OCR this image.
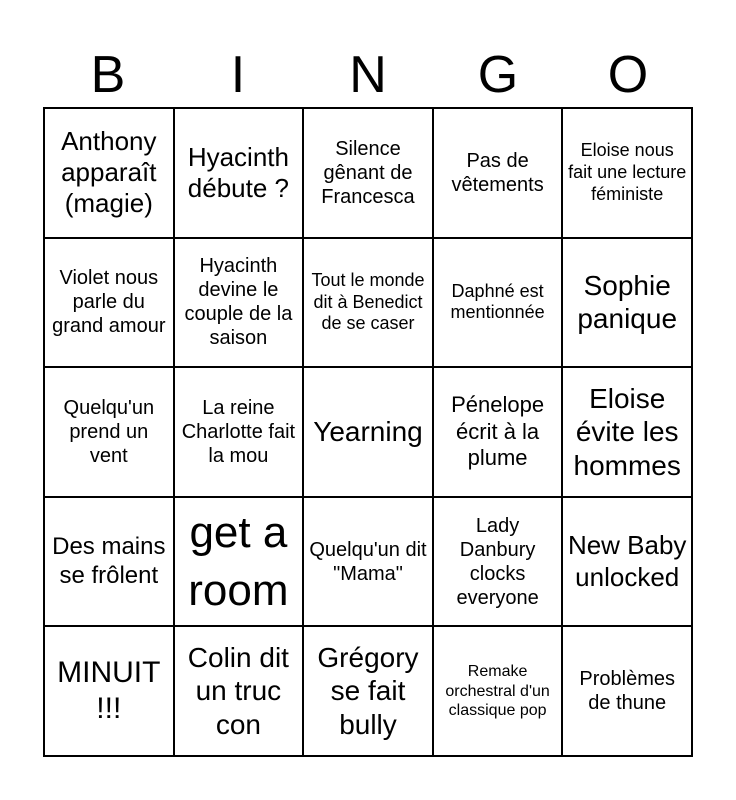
B	I	N	G	O
Anthony apparaît (magie)
Hyacinth débute ?
Silence gênant de Francesca
Pas de vêtements
Eloise nous fait une lecture féministe
Violet nous parle du grand amour
Hyacinth devine le couple de la saison
Tout le monde dit à Benedict de se caser
Daphné est mentionnée
Sophie panique
Quelqu'un prend un vent
La reine Charlotte fait la mou
Yearning
Pénelope écrit à la plume
Eloise évite les hommes
Des mains se frôlent
get a room
Quelqu'un dit "Mama"
Lady Danbury clocks everyone
New Baby unlocked
MINUIT !!!
Colin dit un truc con
Grégory se fait bully
Remake orchestral d'un classique pop
Problèmes de thune
